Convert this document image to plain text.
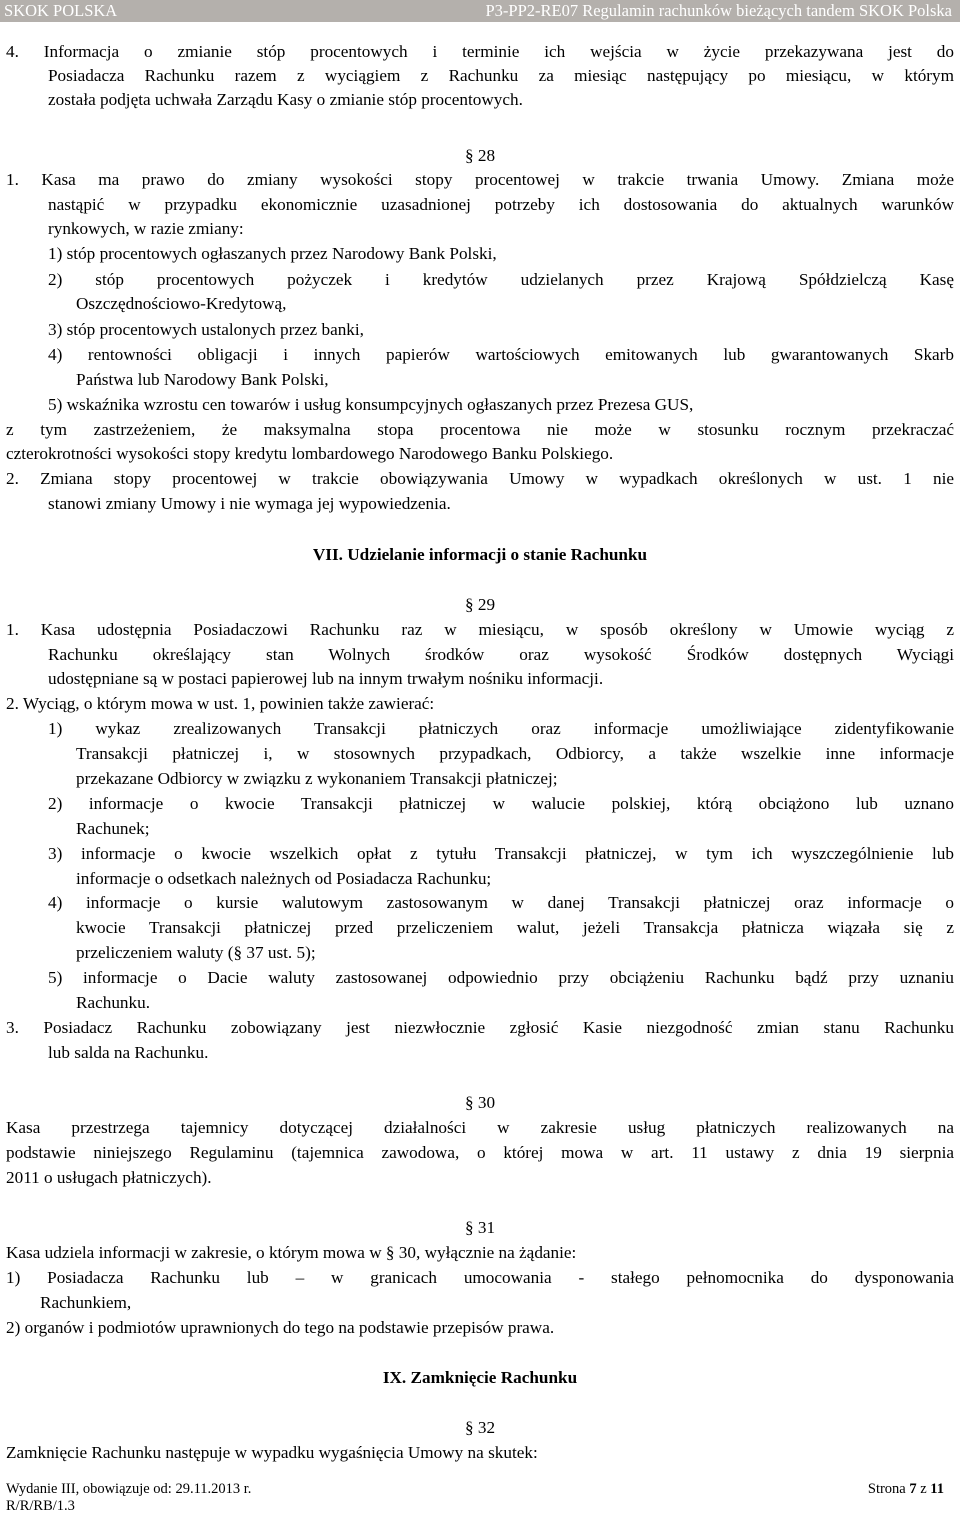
SKOK POLSKA	P3-PP2-RE07 Regulamin rachunków bieżących tandem SKOK Polska
4. Informacja o zmianie stóp procentowych i terminie ich wejścia w życie przekazywana jest do
Posiadacza Rachunku razem z wyciągiem z Rachunku za miesiąc następujący po miesiącu, w którym
została podjęta uchwała Zarządu Kasy o zmianie stóp procentowych.
§ 28
1. Kasa ma prawo do zmiany wysokości stopy procentowej w trakcie trwania Umowy. Zmiana może
nastąpić w przypadku ekonomicznie uzasadnionej potrzeby ich dostosowania do aktualnych warunków
rynkowych, w razie zmiany:
1) stóp procentowych ogłaszanych przez Narodowy Bank Polski,
2) stóp procentowych pożyczek i kredytów udzielanych przez Krajową Spółdzielczą Kasę
Oszczędnościowo-Kredytową,
3) stóp procentowych ustalonych przez banki,
4) rentowności obligacji i innych papierów wartościowych emitowanych lub gwarantowanych Skarb
Państwa lub Narodowy Bank Polski,
5) wskaźnika wzrostu cen towarów i usług konsumpcyjnych ogłaszanych przez Prezesa GUS,
z tym zastrzeżeniem, że maksymalna stopa procentowa nie może w stosunku rocznym przekraczać
czterokrotności wysokości stopy kredytu lombardowego Narodowego Banku Polskiego.
2. Zmiana stopy procentowej w trakcie obowiązywania Umowy w wypadkach określonych w ust. 1 nie
stanowi zmiany Umowy i nie wymaga jej wypowiedzenia.
VII. Udzielanie informacji o stanie Rachunku
§ 29
1. Kasa udostępnia Posiadaczowi Rachunku raz w miesiącu, w sposób określony w Umowie wyciąg z
Rachunku określający stan Wolnych środków oraz wysokość Środków dostępnych Wyciągi
udostępniane są w postaci papierowej lub na innym trwałym nośniku informacji.
2. Wyciąg, o którym mowa w ust. 1, powinien także zawierać:
1) wykaz zrealizowanych Transakcji płatniczych oraz informacje umożliwiające zidentyfikowanie
Transakcji płatniczej i, w stosownych przypadkach, Odbiorcy, a także wszelkie inne informacje
przekazane Odbiorcy w związku z wykonaniem Transakcji płatniczej;
2) informacje o kwocie Transakcji płatniczej w walucie polskiej, którą obciążono lub uznano
Rachunek;
3) informacje o kwocie wszelkich opłat z tytułu Transakcji płatniczej, w tym ich wyszczególnienie lub
informacje o odsetkach należnych od Posiadacza Rachunku;
4) informacje o kursie walutowym zastosowanym w danej Transakcji płatniczej oraz informacje o
kwocie Transakcji płatniczej przed przeliczeniem walut, jeżeli Transakcja płatnicza wiązała się z
przeliczeniem waluty (§ 37 ust. 5);
5) informacje o Dacie waluty zastosowanej odpowiednio przy obciążeniu Rachunku bądź przy uznaniu
Rachunku.
3. Posiadacz Rachunku zobowiązany jest niezwłocznie zgłosić Kasie niezgodność zmian stanu Rachunku
lub salda na Rachunku.
§ 30
Kasa przestrzega tajemnicy dotyczącej działalności w zakresie usług płatniczych realizowanych na
podstawie niniejszego Regulaminu (tajemnica zawodowa, o której mowa w art. 11 ustawy z dnia 19 sierpnia
2011 o usługach płatniczych).
§ 31
Kasa udziela informacji w zakresie, o którym mowa w § 30, wyłącznie na żądanie:
1) Posiadacza Rachunku lub – w granicach umocowania - stałego pełnomocnika do dysponowania
Rachunkiem,
2) organów i podmiotów uprawnionych do tego na podstawie przepisów prawa.
IX. Zamknięcie Rachunku
§ 32
Zamknięcie Rachunku następuje w wypadku wygaśnięcia Umowy na skutek:
Wydanie III, obowiązuje od: 29.11.2013 r.
R/R/RB/1.3
Strona 7 z 11
